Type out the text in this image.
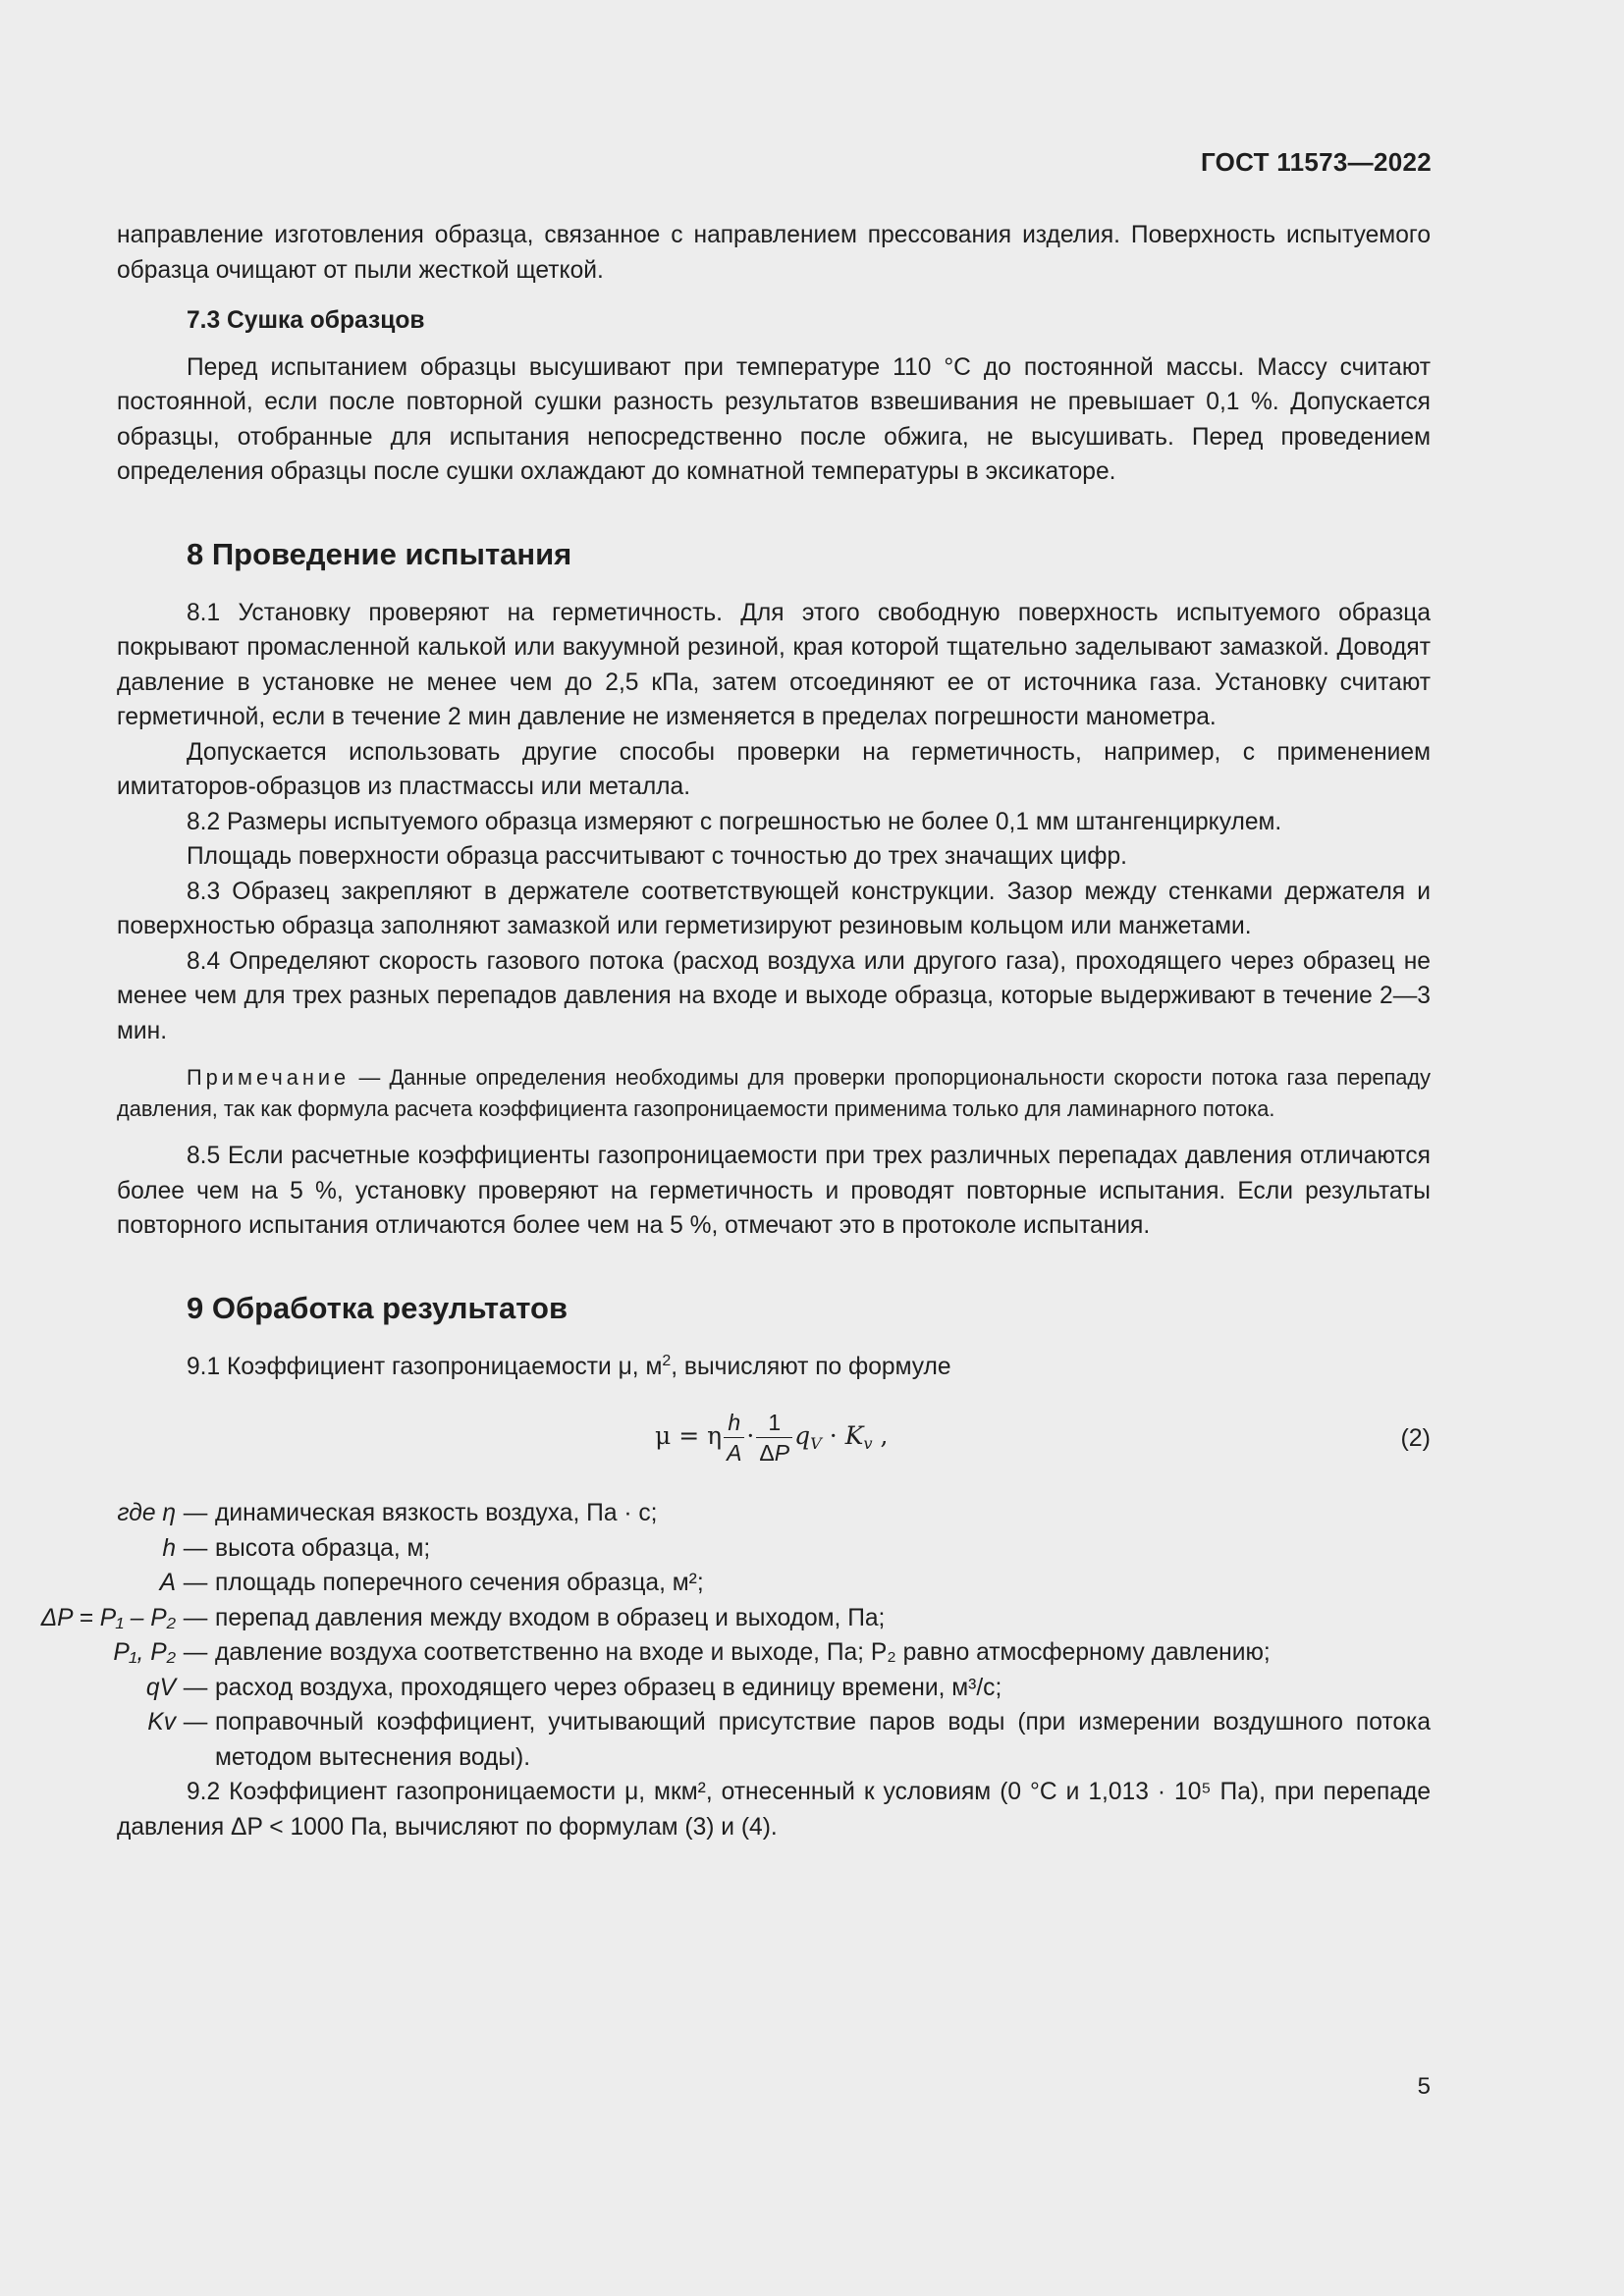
ГОСТ 11573—2022

направление изготовления образца, связанное с направлением прессования изделия. Поверхность испытуемого образца очищают от пыли жесткой щеткой.

7.3 Сушка образцов

Перед испытанием образцы высушивают при температуре 110 °С до постоянной массы. Массу считают постоянной, если после повторной сушки разность результатов взвешивания не превышает 0,1 %. Допускается образцы, отобранные для испытания непосредственно после обжига, не высушивать. Перед проведением определения образцы после сушки охлаждают до комнатной температуры в эксикаторе.

8 Проведение испытания

8.1 Установку проверяют на герметичность. Для этого свободную поверхность испытуемого образца покрывают промасленной калькой или вакуумной резиной, края которой тщательно заделывают замазкой. Доводят давление в установке не менее чем до 2,5 кПа, затем отсоединяют ее от источника газа. Установку считают герметичной, если в течение 2 мин давление не изменяется в пределах погрешности манометра.

Допускается использовать другие способы проверки на герметичность, например, с применением имитаторов-образцов из пластмассы или металла.

8.2 Размеры испытуемого образца измеряют с погрешностью не более 0,1 мм штангенциркулем.

Площадь поверхности образца рассчитывают с точностью до трех значащих цифр.

8.3 Образец закрепляют в держателе соответствующей конструкции. Зазор между стенками держателя и поверхностью образца заполняют замазкой или герметизируют резиновым кольцом или манжетами.

8.4 Определяют скорость газового потока (расход воздуха или другого газа), проходящего через образец не менее чем для трех разных перепадов давления на входе и выходе образца, которые выдерживают в течение 2—3 мин.

Примечание — Данные определения необходимы для проверки пропорциональности скорости потока газа перепаду давления, так как формула расчета коэффициента газопроницаемости применима только для ламинарного потока.

8.5 Если расчетные коэффициенты газопроницаемости при трех различных перепадах давления отличаются более чем на 5 %, установку проверяют на герметичность и проводят повторные испытания. Если результаты повторного испытания отличаются более чем на 5 %, отмечают это в протоколе испытания.

9 Обработка результатов

9.1 Коэффициент газопроницаемости μ, $м^2$, вычисляют по формуле

μ = η $\frac{h}{A} \cdot \frac{1}{\Delta P} q_V \cdot K_v$ ,	(2)
где η — динамическая вязкость воздуха, Па · с;
h — высота образца, м;
A — площадь поперечного сечения образца, м²;
ΔP = P₁ – P₂ — перепад давления между входом в образец и выходом, Па;
P₁, P₂ — давление воздуха соответственно на входе и выходе, Па; P₂ равно атмосферному давлению;
qV — расход воздуха, проходящего через образец в единицу времени, м³/с;
Kv — поправочный коэффициент, учитывающий присутствие паров воды (при измерении воздушного потока методом вытеснения воды).

9.2 Коэффициент газопроницаемости μ, мкм², отнесенный к условиям (0 °С и 1,013 · 10⁵ Па), при перепаде давления ΔP < 1000 Па, вычисляют по формулам (3) и (4).

5
